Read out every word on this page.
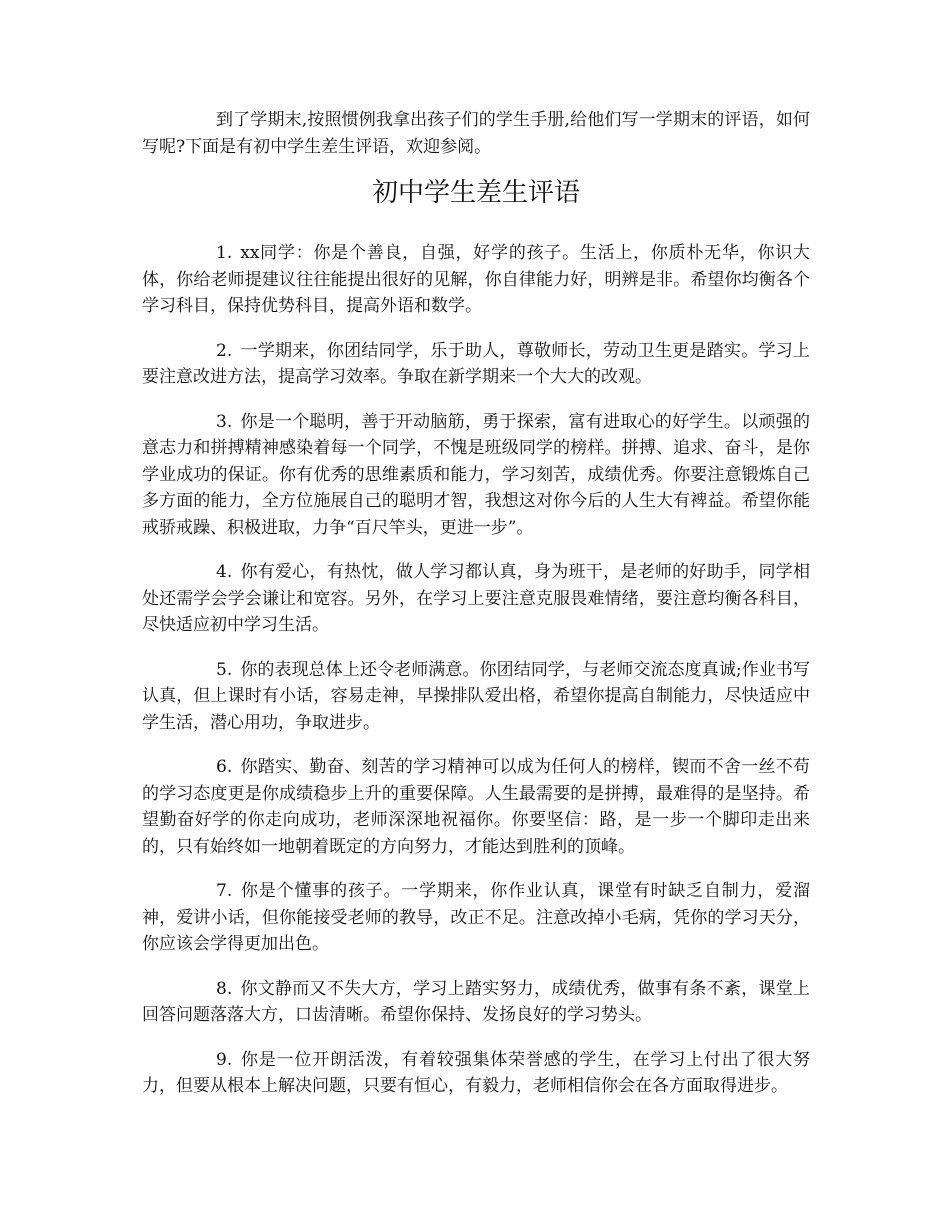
到了学期末,按照惯例我拿出孩子们的学生手册,给他们写一学期末的评语，如何写呢?下面是有初中学生差生评语，欢迎参阅。

初中学生差生评语

1. xx同学：你是个善良，自强，好学的孩子。生活上，你质朴无华，你识大体，你给老师提建议往往能提出很好的见解，你自律能力好，明辨是非。希望你均衡各个学习科目，保持优势科目，提高外语和数学。

2. 一学期来，你团结同学，乐于助人，尊敬师长，劳动卫生更是踏实。学习上要注意改进方法，提高学习效率。争取在新学期来一个大大的改观。

3. 你是一个聪明，善于开动脑筋，勇于探索，富有进取心的好学生。以顽强的意志力和拼搏精神感染着每一个同学，不愧是班级同学的榜样。拼搏、追求、奋斗，是你学业成功的保证。你有优秀的思维素质和能力，学习刻苦，成绩优秀。你要注意锻炼自己多方面的能力，全方位施展自己的聪明才智，我想这对你今后的人生大有裨益。希望你能戒骄戒躁、积极进取，力争“百尺竿头，更进一步”。

4. 你有爱心，有热忱，做人学习都认真，身为班干，是老师的好助手，同学相处还需学会学会谦让和宽容。另外，在学习上要注意克服畏难情绪，要注意均衡各科目，尽快适应初中学习生活。

5. 你的表现总体上还令老师满意。你团结同学，与老师交流态度真诚;作业书写认真，但上课时有小话，容易走神，早操排队爱出格，希望你提高自制能力，尽快适应中学生活，潜心用功，争取进步。

6. 你踏实、勤奋、刻苦的学习精神可以成为任何人的榜样，锲而不舍一丝不苟的学习态度更是你成绩稳步上升的重要保障。人生最需要的是拼搏，最难得的是坚持。希望勤奋好学的你走向成功，老师深深地祝福你。你要坚信：路，是一步一个脚印走出来的，只有始终如一地朝着既定的方向努力，才能达到胜利的顶峰。

7. 你是个懂事的孩子。一学期来，你作业认真，课堂有时缺乏自制力，爱溜神，爱讲小话，但你能接受老师的教导，改正不足。注意改掉小毛病，凭你的学习天分，你应该会学得更加出色。

8. 你文静而又不失大方，学习上踏实努力，成绩优秀，做事有条不紊，课堂上回答问题落落大方，口齿清晰。希望你保持、发扬良好的学习势头。

9. 你是一位开朗活泼，有着较强集体荣誉感的学生，在学习上付出了很大努力，但要从根本上解决问题，只要有恒心，有毅力，老师相信你会在各方面取得进步。
